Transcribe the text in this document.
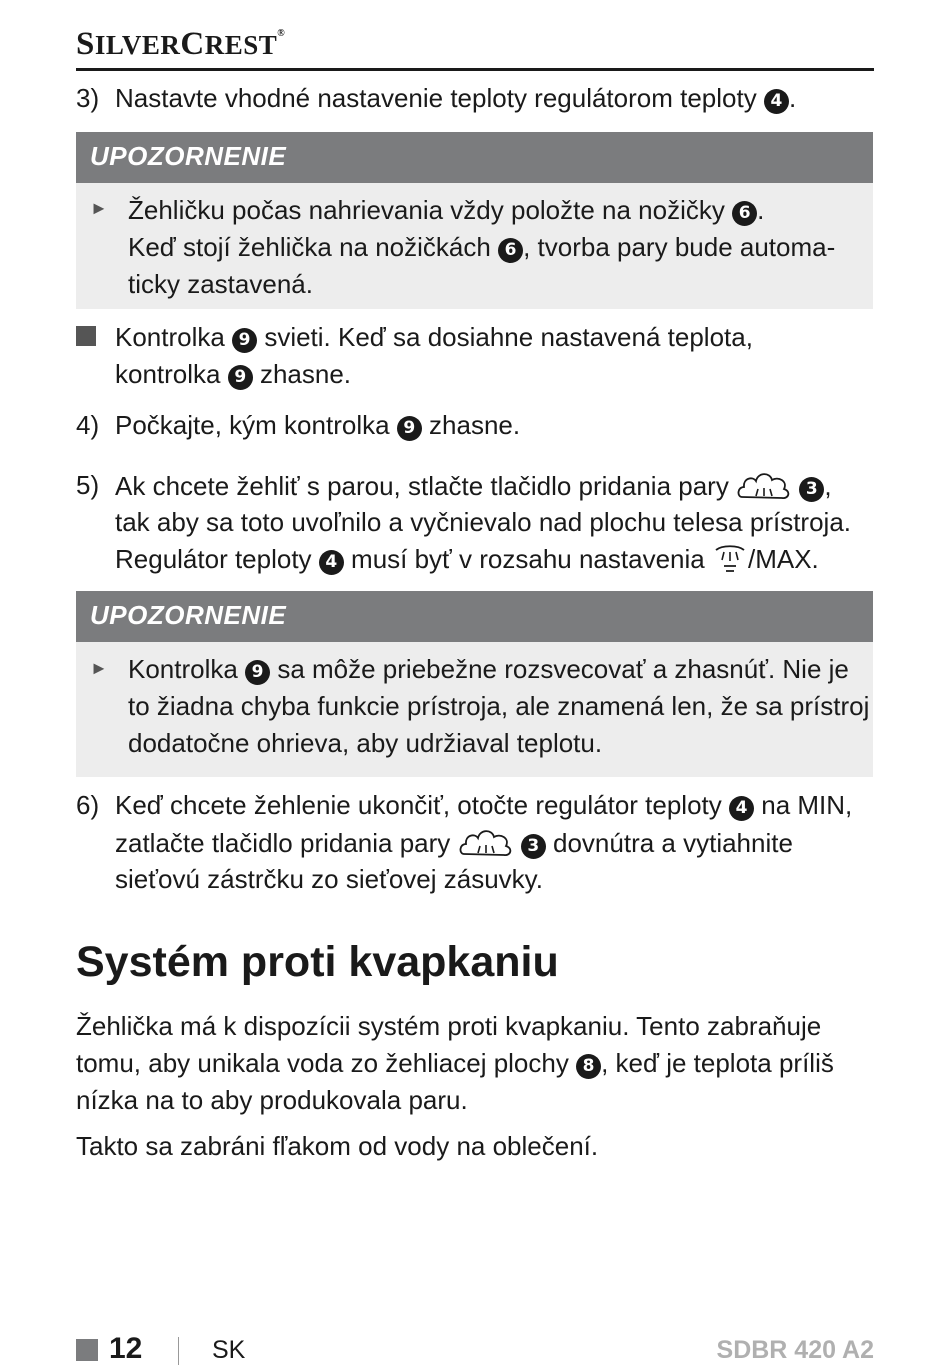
SILVERCREST®
3) Nastavte vhodné nastavenie teploty regulátorom teploty 4 .
UPOZORNENIE
► Žehličku počas nahrievania vždy položte na nožičky 6 .
Keď stojí žehlička na nožičkách 6 , tvorba pary bude automa-
ticky zastavená.
Kontrolka 9 svieti. Keď sa dosiahne nastavená teplota,
kontrolka 9 zhasne.
4) Počkajte, kým kontrolka 9 zhasne.
5) Ak chcete žehliť s parou, stlačte tlačidlo pridania pary	3 ,
tak aby sa toto uvoľnilo a vyčnievalo nad plochu telesa prístroja.
Regulátor teploty 4 musí byť v rozsahu nastavenia /MAX.
UPOZORNENIE
► Kontrolka 9 sa môže priebežne rozsvecovať a zhasnúť. Nie je
to žiadna chyba funkcie prístroja, ale znamená len, že sa prístroj
dodatočne ohrieva, aby udržiaval teplotu.
6) Keď chcete žehlenie ukončiť, otočte regulátor teploty 4 na MIN,
zatlačte tlačidlo pridania pary	3 dovnútra a vytiahnite
sieťovú zástrčku zo sieťovej zásuvky.
Systém proti kvapkaniu
Žehlička má k dispozícii systém proti kvapkaniu. Tento zabraňuje
tomu, aby unikala voda zo žehliacej plochy 8 , keď je teplota príliš
nízka na to aby produkovala paru.
Takto sa zabráni fľakom od vody na oblečení.
12	SK	SDBR 420 A2
